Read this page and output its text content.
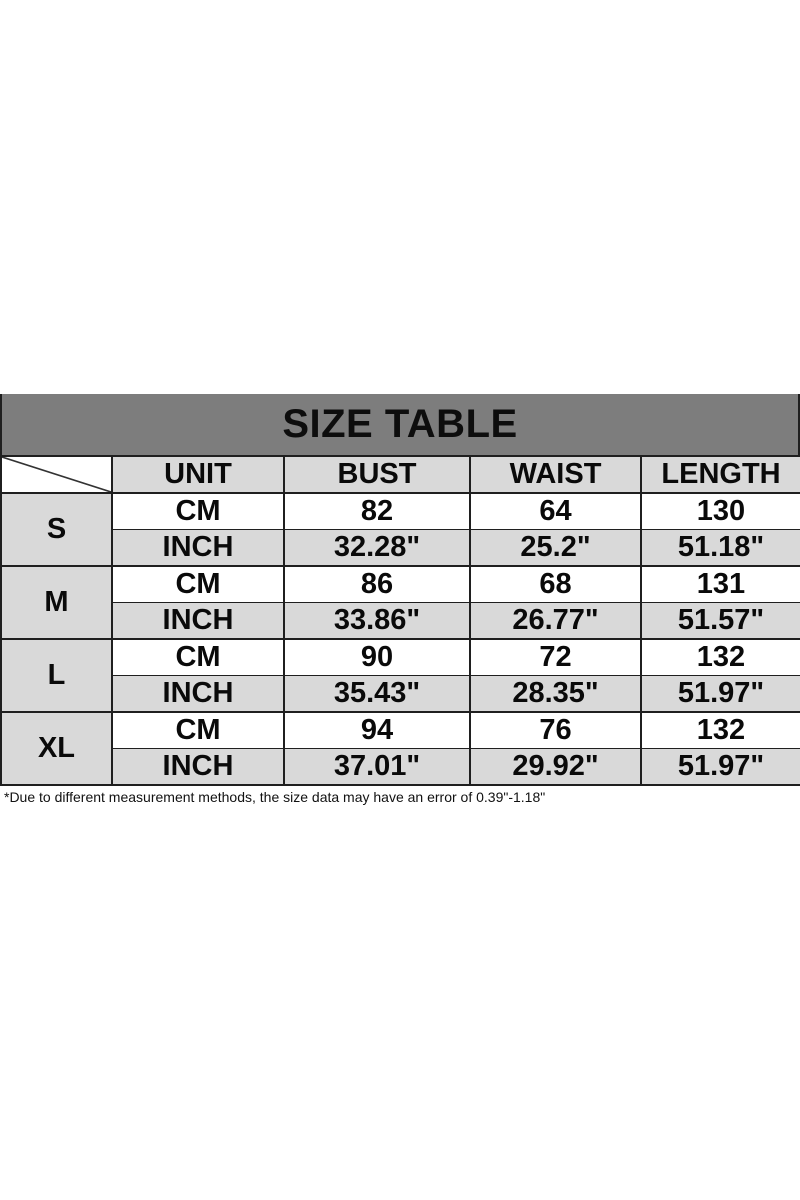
SIZE TABLE
	UNIT	BUST	WAIST	LENGTH
S	CM	82	64	130
	INCH	32.28"	25.2"	51.18"
M	CM	86	68	131
	INCH	33.86"	26.77"	51.57"
L	CM	90	72	132
	INCH	35.43"	28.35"	51.97"
XL	CM	94	76	132
	INCH	37.01"	29.92"	51.97"
*Due to different measurement methods, the size data may have an error of 0.39"-1.18"
